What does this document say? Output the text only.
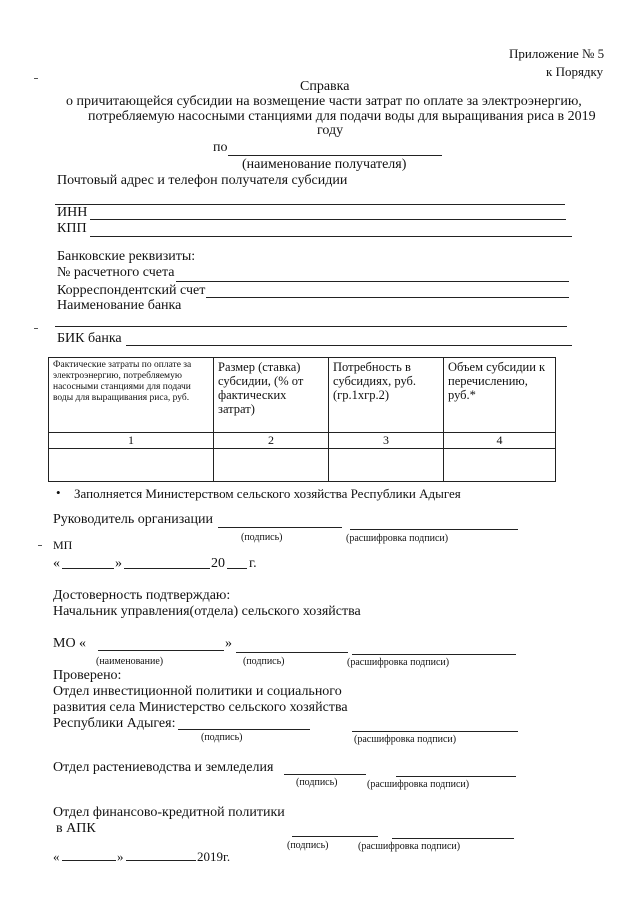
Приложение № 5
к Порядку
Справка
о причитающейся субсидии на возмещение части затрат по оплате за электроэнергию,
потребляемую насосными станциями для подачи воды для выращивания риса в 2019
году
по
(наименование получателя)
Почтовый адрес и телефон получателя субсидии
ИНН
КПП
Банковские реквизиты:
№ расчетного счета
Корреспондентский счет
Наименование банка
БИК банка
Фактические затраты по оплате за электроэнергию, потребляемую насосными станциями для подачи воды для выращивания риса, руб.	Размер (ставка) субсидии, (% от фактических затрат)	Потребность в субсидиях, руб.(гр.1хгр.2)	Объем субсидии к перечислению, руб.*
1	2	3	4

• Заполняется Министерством сельского хозяйства Республики Адыгея
Руководитель организации
(подпись)	(расшифровка подписи)
МП
«	»	20 г.
Достоверность подтверждаю:
Начальник управления(отдела) сельского хозяйства
МО «	»
(наименование)	(подпись)	(расшифровка подписи)
Проверено:
Отдел инвестиционной политики и социального
развития села Министерство сельского хозяйства
Республики Адыгея:
(подпись)	(расшифровка подписи)
Отдел растениеводства и земледелия
(подпись)	(расшифровка подписи)
Отдел финансово-кредитной политики
в АПК
(подпись)	(расшифровка подписи)
«	»	2019г.
